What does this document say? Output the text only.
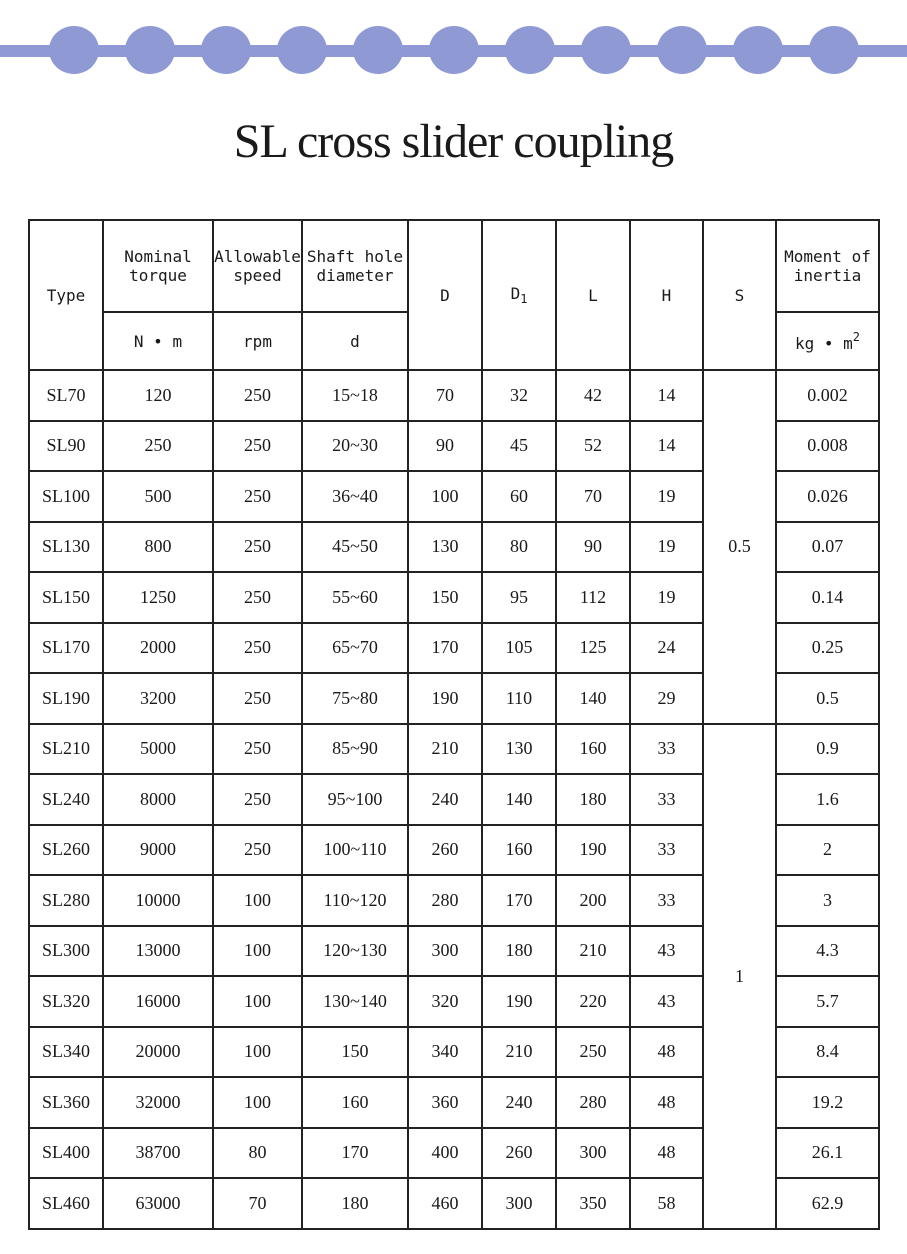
SL cross slider coupling
Type	Nominal torque	Allowable speed	Shaft hole diameter	D	$D_1$	L	H	S	Moment of inertia
	N • m	rpm	d						kg • $m^2$
SL70	120	250	15~18	70	32	42	14	0.5	0.002
SL90	250	250	20~30	90	45	52	14		0.008
SL100	500	250	36~40	100	60	70	19		0.026
SL130	800	250	45~50	130	80	90	19		0.07
SL150	1250	250	55~60	150	95	112	19		0.14
SL170	2000	250	65~70	170	105	125	24		0.25
SL190	3200	250	75~80	190	110	140	29		0.5
SL210	5000	250	85~90	210	130	160	33	1	0.9
SL240	8000	250	95~100	240	140	180	33		1.6
SL260	9000	250	100~110	260	160	190	33		2
SL280	10000	100	110~120	280	170	200	33		3
SL300	13000	100	120~130	300	180	210	43		4.3
SL320	16000	100	130~140	320	190	220	43		5.7
SL340	20000	100	150	340	210	250	48		8.4
SL360	32000	100	160	360	240	280	48		19.2
SL400	38700	80	170	400	260	300	48		26.1
SL460	63000	70	180	460	300	350	58		62.9
